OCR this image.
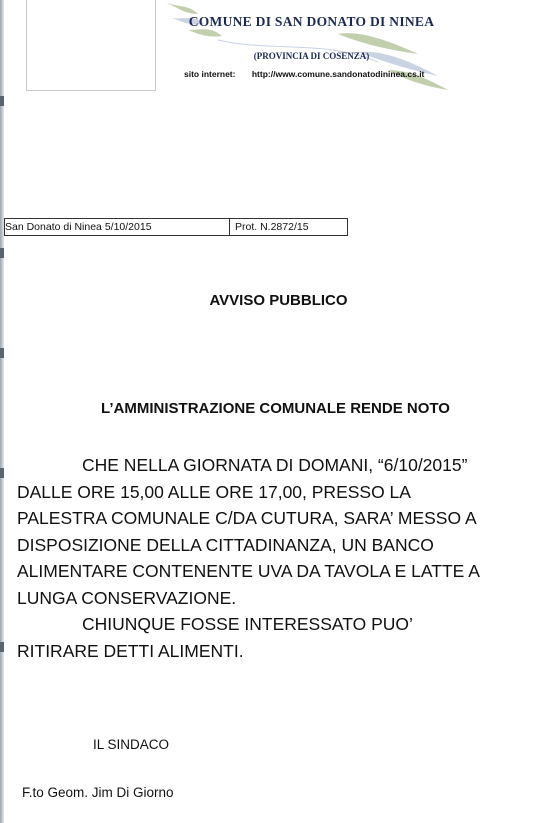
COMUNE DI SAN DONATO DI NINEA
(PROVINCIA DI COSENZA)
sito internet: http://www.comune.sandonatodininea.cs.it
San Donato di Ninea 5/10/2015	Prot. N.2872/15
AVVISO PUBBLICO
L’AMMINISTRAZIONE COMUNALE RENDE NOTO
CHE NELLA GIORNATA DI DOMANI, “6/10/2015”
DALLE ORE 15,00 ALLE ORE 17,00, PRESSO LA
PALESTRA COMUNALE C/DA CUTURA, SARA’ MESSO A
DISPOSIZIONE DELLA CITTADINANZA, UN BANCO
ALIMENTARE CONTENENTE UVA DA TAVOLA E LATTE A
LUNGA CONSERVAZIONE.
CHIUNQUE FOSSE INTERESSATO PUO’
RITIRARE DETTI ALIMENTI.
IL SINDACO
F.to Geom. Jim Di Giorno
